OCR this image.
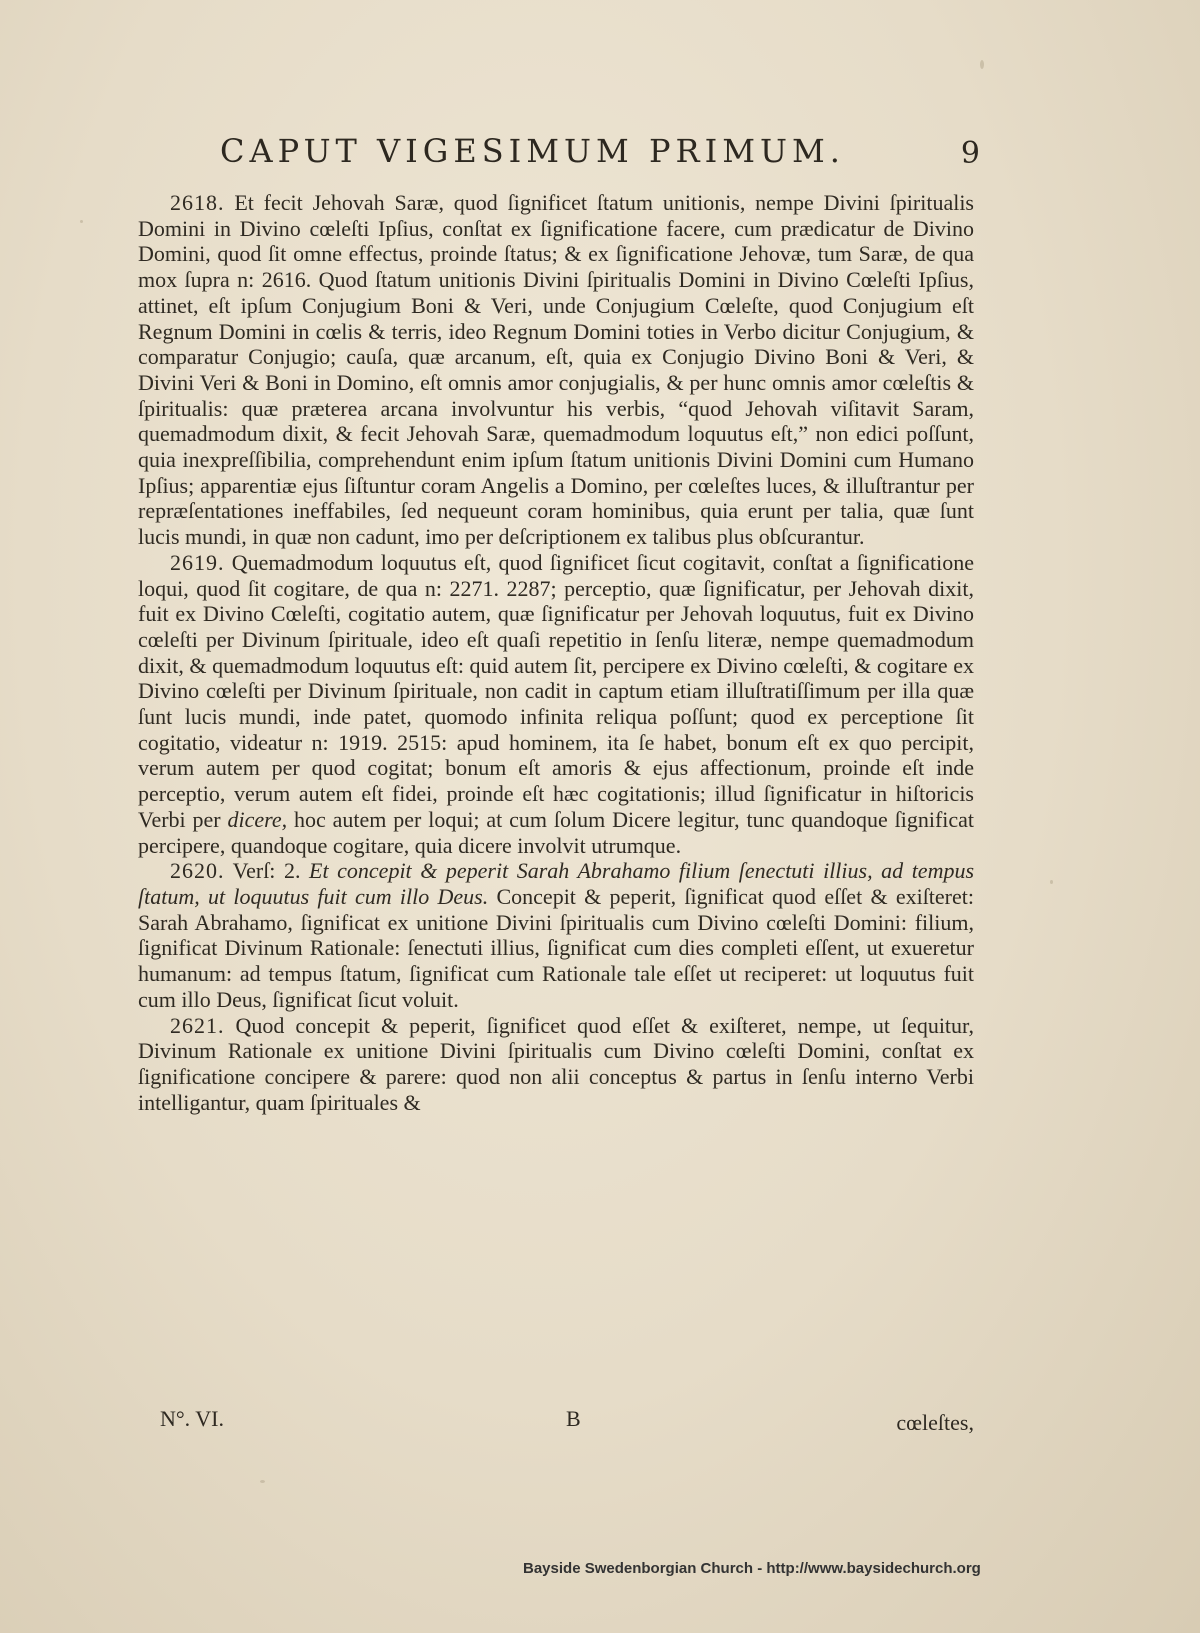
CAPUT VIGESIMUM PRIMUM.	9

2618. Et fecit Jehovah Saræ, quod ſignificet ſtatum unitionis, nempe Divini ſpiritualis Domini in Divino cœleſti Ipſius, conſtat ex ſignificatione facere, cum prædicatur de Divino Domini, quod ſit omne effectus, proinde ſtatus; & ex ſignificatione Jehovæ, tum Saræ, de qua mox ſupra n: 2616. Quod ſtatum unitionis Divini ſpiritualis Domini in Divino Cœleſti Ipſius, attinet, eſt ipſum Conjugium Boni & Veri, unde Conjugium Cœleſte, quod Conjugium eſt Regnum Domini in cœlis & terris, ideo Regnum Domini toties in Verbo dicitur Conjugium, & comparatur Conjugio; cauſa, quæ arcanum, eſt, quia ex Conjugio Divino Boni & Veri, & Divini Veri & Boni in Domino, eſt omnis amor conjugialis, & per hunc omnis amor cœleſtis & ſpiritualis: quæ præterea arcana involvuntur his verbis, “quod Jehovah viſitavit Saram, quemadmodum dixit, & fecit Jehovah Saræ, quemadmodum loquutus eſt,” non edici poſſunt, quia inexpreſſibilia, comprehendunt enim ipſum ſtatum unitionis Divini Domini cum Humano Ipſius; apparentiæ ejus ſiſtuntur coram Angelis a Domino, per cœleſtes luces, & illuſtrantur per repræſentationes ineffabiles, ſed nequeunt coram hominibus, quia erunt per talia, quæ ſunt lucis mundi, in quæ non cadunt, imo per deſcriptionem ex talibus plus obſcurantur.

2619. Quemadmodum loquutus eſt, quod ſignificet ſicut cogitavit, conſtat a ſignificatione loqui, quod ſit cogitare, de qua n: 2271. 2287; perceptio, quæ ſignificatur, per Jehovah dixit, fuit ex Divino Cœleſti, cogitatio autem, quæ ſignificatur per Jehovah loquutus, fuit ex Divino cœleſti per Divinum ſpirituale, ideo eſt quaſi repetitio in ſenſu literæ, nempe quemadmodum dixit, & quemadmodum loquutus eſt: quid autem ſit, percipere ex Divino cœleſti, & cogitare ex Divino cœleſti per Divinum ſpirituale, non cadit in captum etiam illuſtratiſſimum per illa quæ ſunt lucis mundi, inde patet, quomodo infinita reliqua poſſunt; quod ex perceptione ſit cogitatio, videatur n: 1919. 2515: apud hominem, ita ſe habet, bonum eſt ex quo percipit, verum autem per quod cogitat; bonum eſt amoris & ejus affectionum, proinde eſt inde perceptio, verum autem eſt fidei, proinde eſt hæc cogitationis; illud ſignificatur in hiſtoricis Verbi per dicere, hoc autem per loqui; at cum ſolum Dicere legitur, tunc quandoque ſignificat percipere, quandoque cogitare, quia dicere involvit utrumque.

2620. Verſ: 2. Et concepit & peperit Sarah Abrahamo filium ſenectuti illius, ad tempus ſtatum, ut loquutus fuit cum illo Deus. Concepit & peperit, ſignificat quod eſſet & exiſteret: Sarah Abrahamo, ſignificat ex unitione Divini ſpiritualis cum Divino cœleſti Domini: filium, ſignificat Divinum Rationale: ſenectuti illius, ſignificat cum dies completi eſſent, ut exueretur humanum: ad tempus ſtatum, ſignificat cum Rationale tale eſſet ut reciperet: ut loquutus fuit cum illo Deus, ſignificat ſicut voluit.

2621. Quod concepit & peperit, ſignificet quod eſſet & exiſteret, nempe, ut ſequitur, Divinum Rationale ex unitione Divini ſpiritualis cum Divino cœleſti Domini, conſtat ex ſignificatione concipere & parere: quod non alii conceptus & partus in ſenſu interno Verbi intelligantur, quam ſpirituales &

N°. VI.	B	cœleſtes,
Bayside Swedenborgian Church - http://www.baysidechurch.org
